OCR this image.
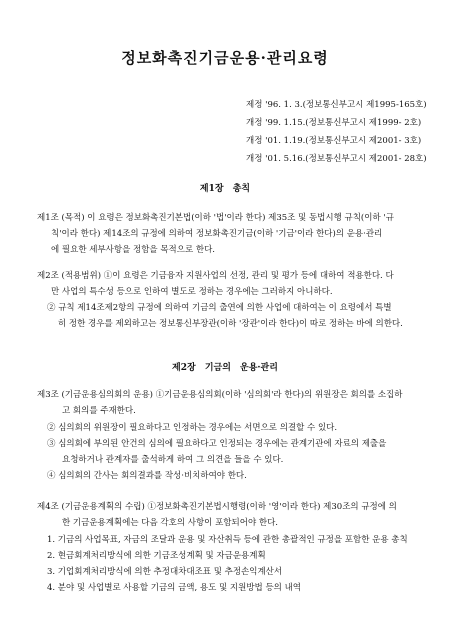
정보화촉진기금운용·관리요령
제정 '96. 1. 3.(정보통신부고시 제1995-165호)
개정 '99. 1.15.(정보통신부고시 제1999- 2호)
개정 '01. 1.19.(정보통신부고시 제2001- 3호)
개정 '01. 5.16.(정보통신부고시 제2001- 28호)
제1장 총칙
제1조 (목적) 이 요령은 정보화촉진기본법(이하 '법'이라 한다) 제35조 및 동법시행 규칙(이하 '규
칙'이라 한다) 제14조의 규정에 의하여 정보화촉진기금(이하 '기금'이라 한다)의 운용·관리
에 필요한 세부사항을 정함을 목적으로 한다.
제2조 (적용범위) ①이 요령은 기금융자 지원사업의 선정, 관리 및 평가 등에 대하여 적용한다. 다
만 사업의 특수성 등으로 인하여 별도로 정하는 경우에는 그러하지 아니하다.
② 규칙 제14조제2항의 규정에 의하여 기금의 출연에 의한 사업에 대하여는 이 요령에서 특별
히 정한 경우를 제외하고는 정보통신부장관(이하 '장관'이라 한다)이 따로 정하는 바에 의한다.
제2장 기금의 운용·관리
제3조 (기금운용심의회의 운용) ①기금운용심의회(이하 '심의회'라 한다)의 위원장은 회의를 소집하
고 회의를 주재한다.
② 심의회의 위원장이 필요하다고 인정하는 경우에는 서면으로 의결할 수 있다.
③ 심의회에 부의된 안건의 심의에 필요하다고 인정되는 경우에는 관계기관에 자료의 제출을
요청하거나 관계자를 출석하게 하여 그 의견을 들을 수 있다.
④ 심의회의 간사는 회의결과를 작성·비치하여야 한다.
제4조 (기금운용계획의 수립) ①정보화촉진기본법시행령(이하 '영'이라 한다) 제30조의 규정에 의
한 기금운용계획에는 다음 각호의 사항이 포함되어야 한다.
1. 기금의 사업목표, 자금의 조달과 운용 및 자산취득 등에 관한 총괄적인 규정을 포함한 운용 총칙
2. 현금회계처리방식에 의한 기금조성계획 및 자금운용계획
3. 기업회계처리방식에 의한 추정대차대조표 및 추정손익계산서
4. 분야 및 사업별로 사용할 기금의 금액, 용도 및 지원방법 등의 내역
